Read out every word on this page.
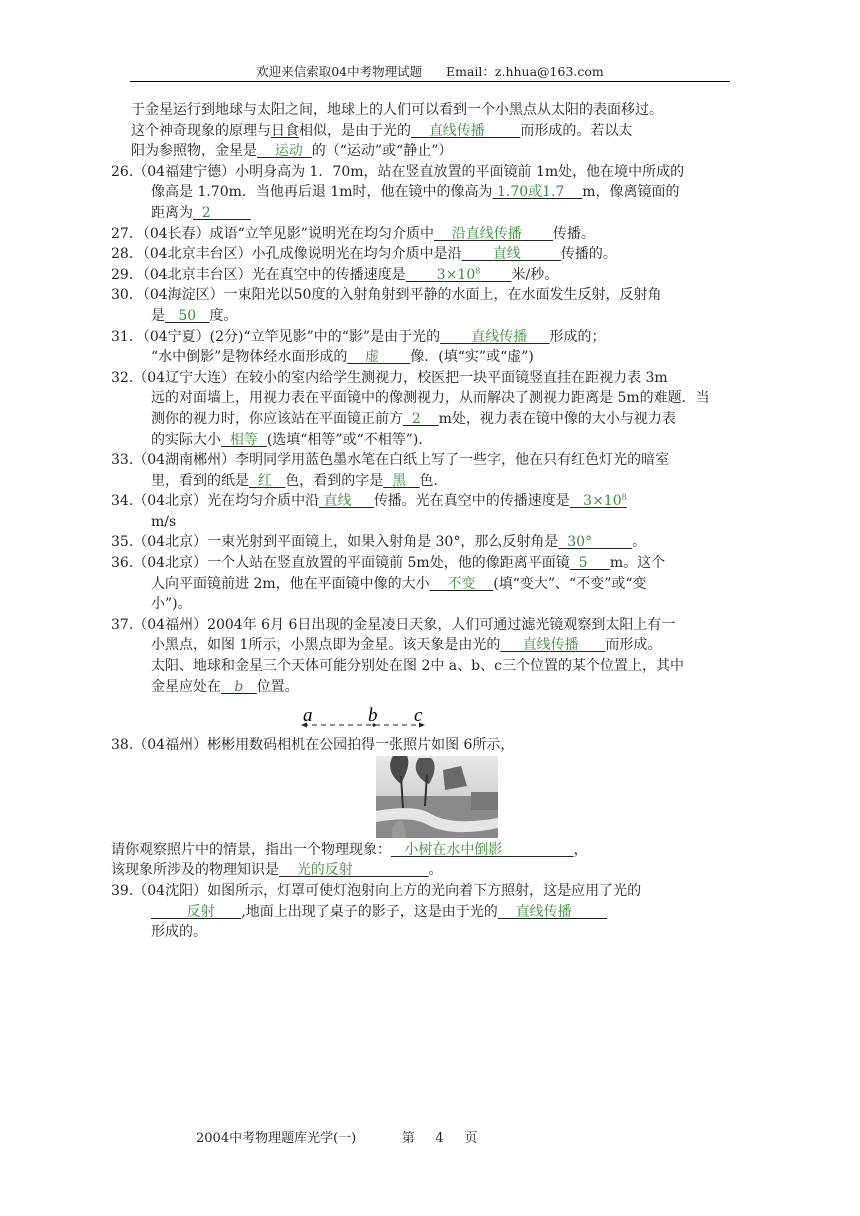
欢迎来信索取04中考物理试题      Email：z.hhua@163.com

于金星运行到地球与太阳之间，地球上的人们可以看到一个小黑点从太阳的表面移过。

这个神奇现象的原理与日食相似，是由于光的 直线传播	而形成的。若以太

阳为参照物，金星是 运动 的（“运动”或“静止”）

26.（04福建宁德）小明身高为 1．70m，站在竖直放置的平面镜前 1m处，他在境中所成的
像高是 1.70m．当他再后退 1m时，他在镜中的像高为 1.70或1.7 m，像离镜面的
距离为 2

27．（04长春）成语“立竿见影”说明光在均匀介质中 沿直线传播 传播。

28．（04北京丰台区）小孔成像说明光在均匀介质中是沿 直线	传播的。

29．（04北京丰台区）光在真空中的传播速度是 $3\times 10^8$ 米/秒。

30．（04海淀区）一束阳光以50度的入射角射到平静的水面上，在水面发生反射，反射角
是 50 度。

31．（04宁夏）(2分)“立竿见影”中的“影”是由于光的 直线传播 形成的；
“水中倒影”是物体经水面形成的 虚 像．(填“实”或“虚”)

32.（04辽宁大连）在较小的室内给学生测视力，校医把一块平面镜竖直挂在距视力表 3m
远的对面墙上，用视力表在平面镜中的像测视力，从而解决了测视力距离是 5m的难题．当
测你的视力时，你应该站在平面镜正前方 2 m处，视力表在镜中像的大小与视力表
的实际大小 相等 (选填“相等”或“不相等”)．

33.（04湖南郴州）李明同学用蓝色墨水笔在白纸上写了一些字，他在只有红色灯光的暗室
里，看到的纸是 红 色，看到的字是 黑 色．

34.（04北京）光在均匀介质中沿 直线 传播。光在真空中的传播速度是 $3\times 10^8$
m/s

35.（04北京）一束光射到平面镜上，如果入射角是 30°，那么反射角是 30°	。

36.（04北京）一个人站在竖直放置的平面镜前 5m处，他的像距离平面镜 5 m。这个
人向平面镜前进 2m，他在平面镜中像的大小 不变 (填“变大”、“不变”或“变
小”)。

37.（04福州）2004年 6月 6日出现的金星凌日天象，人们可通过滤光镜观察到太阳上有一
小黑点，如图 1所示，小黑点即为金星。该天象是由光的 直线传播 而形成。
太阳、地球和金星三个天体可能分别处在图 2中 a、b、c三个位置的某个位置上，其中
金星应处在 b 位置。

a	b c

38.（04福州）彬彬用数码相机在公园拍得一张照片如图 6所示，

请你观察照片中的情景，指出一个物理现象： 小树在水中倒影	，
该现象所涉及的物理知识是 光的反射	。

39.（04沈阳）如图所示，灯罩可使灯泡射向上方的光向着下方照射，这是应用了光的
反射 ,地面上出现了桌子的影子，这是由于光的 直线传播
形成的。

2004中考物理题库光学(一)	第 4 页
